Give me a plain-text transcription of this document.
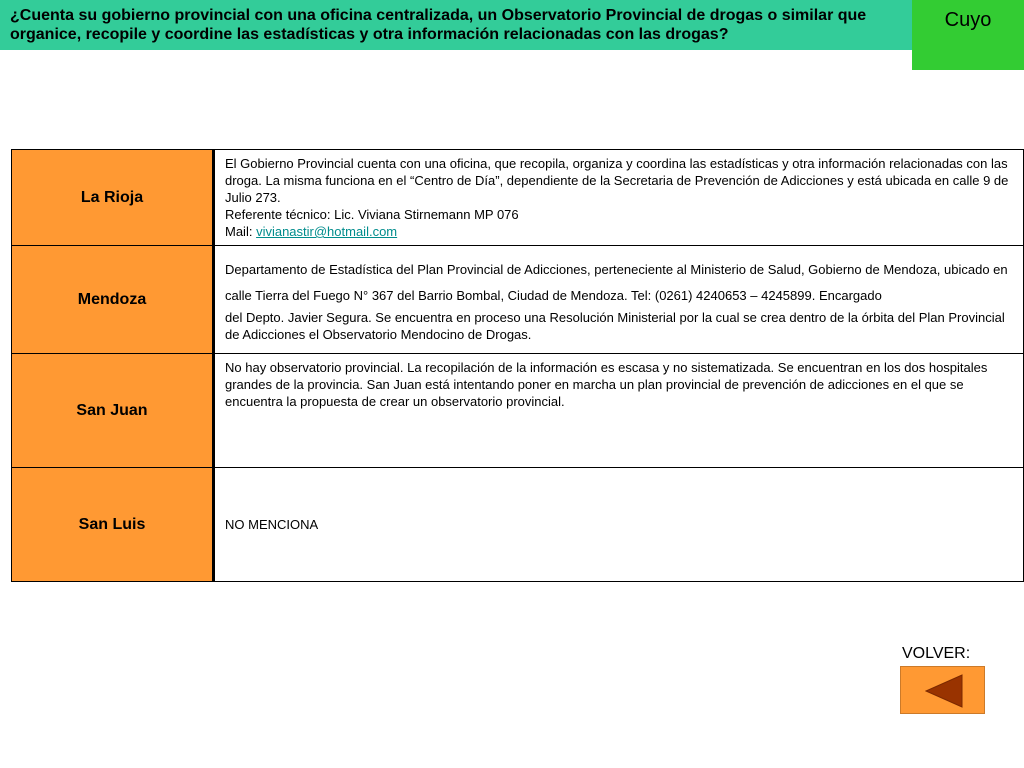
¿Cuenta su gobierno provincial con una oficina centralizada, un Observatorio Provincial de drogas o similar que organice, recopile y coordine las estadísticas y otra información relacionadas con las drogas?

Cuyo
La Rioja	El Gobierno Provincial cuenta con una oficina, que recopila, organiza y coordina las estadísticas y otra información relacionadas con las droga. La misma funciona en el “Centro de Día”, dependiente de la Secretaria de Prevención de Adicciones y está ubicada en calle 9 de Julio 273.
Referente técnico: Lic. Viviana Stirnemann MP 076
Mail: vivianastir@hotmail.com

Mendoza	Departamento de Estadística del Plan Provincial de Adicciones, perteneciente al Ministerio de Salud, Gobierno de Mendoza, ubicado en calle Tierra del Fuego N° 367 del Barrio Bombal, Ciudad de Mendoza. Tel: (0261) 4240653 – 4245899. Encargado
del Depto. Javier Segura. Se encuentra en proceso una Resolución Ministerial por la cual se crea dentro de la órbita del Plan Provincial de Adicciones el Observatorio Mendocino de Drogas.

San Juan	No hay observatorio provincial. La recopilación de la información es escasa y no sistematizada. Se encuentran en los dos hospitales grandes de la provincia. San Juan está intentando poner en marcha un plan provincial de prevención de adicciones en el que se encuentra la propuesta de crear un observatorio provincial.
San Luis	NO MENCIONA
VOLVER:
